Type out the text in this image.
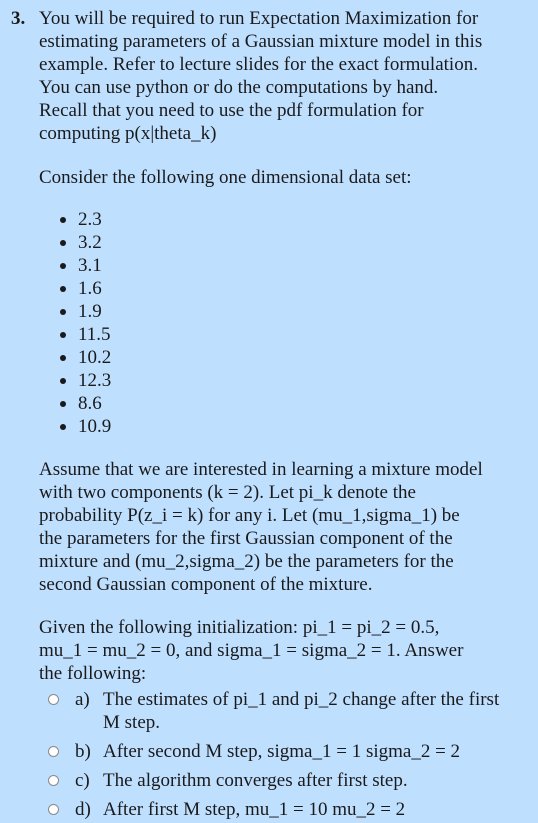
3. You will be required to run Expectation Maximization for
estimating parameters of a Gaussian mixture model in this
example. Refer to lecture slides for the exact formulation.
You can use python or do the computations by hand.
Recall that you need to use the pdf formulation for
computing p(x|theta_k)
Consider the following one dimensional data set:
2.3
3.2
3.1
1.6
1.9
11.5
10.2
12.3
8.6
10.9
Assume that we are interested in learning a mixture model
with two components (k = 2). Let pi_k denote the
probability P(z_i = k) for any i. Let (mu_1,sigma_1) be
the parameters for the first Gaussian component of the
mixture and (mu_2,sigma_2) be the parameters for the
second Gaussian component of the mixture.
Given the following initialization: pi_1 = pi_2 = 0.5,
mu_1 = mu_2 = 0, and sigma_1 = sigma_2 = 1. Answer
the following:
a) The estimates of pi_1 and pi_2 change after the first
M step.
b) After second M step, sigma_1 = 1 sigma_2 = 2
c) The algorithm converges after first step.
d) After first M step, mu_1 = 10 mu_2 = 2
